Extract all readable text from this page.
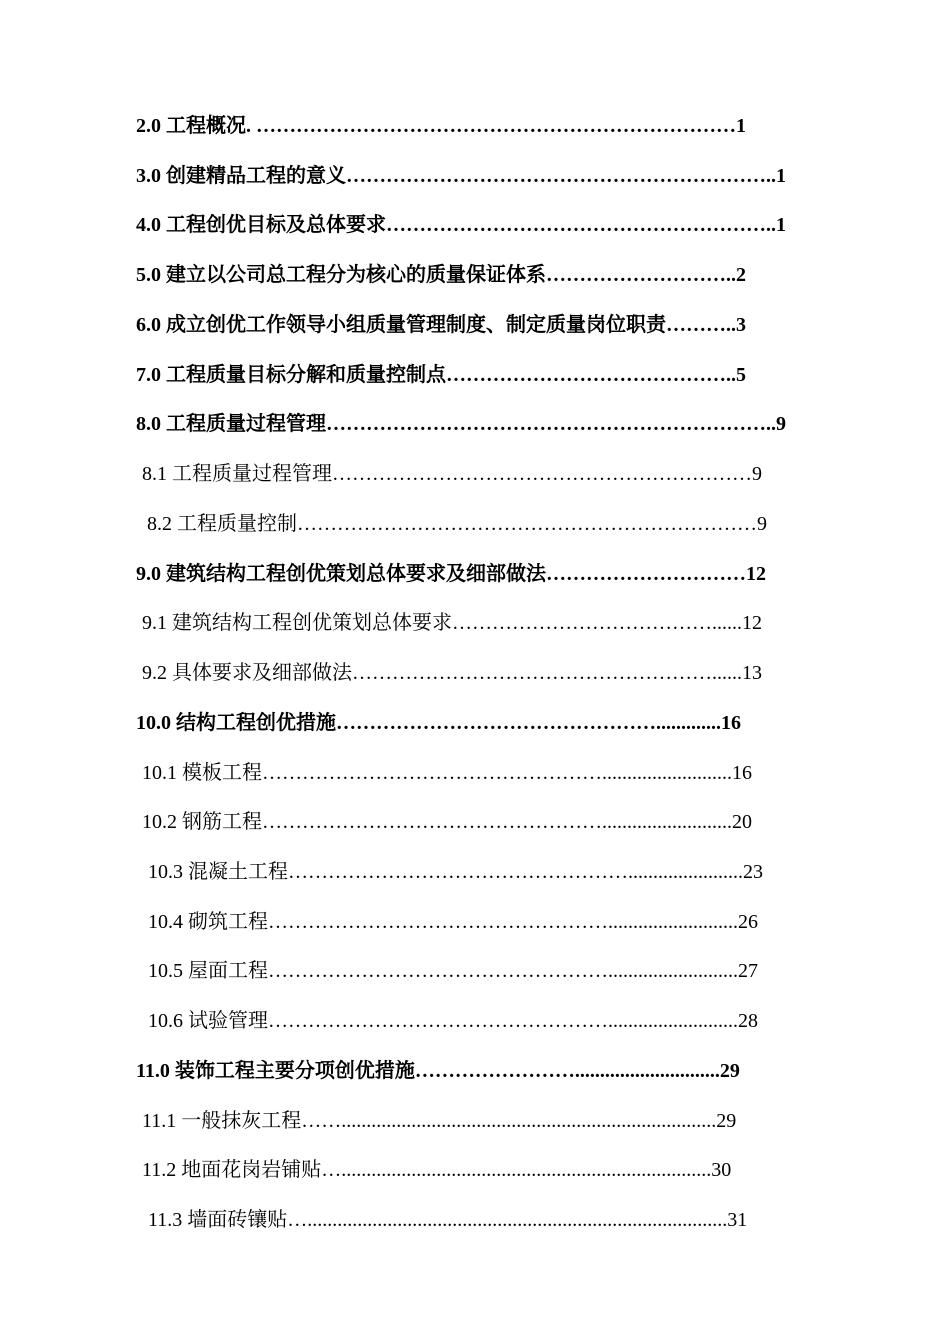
2.0 工程概况. ………………………………………………………………1
3.0 创建精品工程的意义………………………………………………………..1
4.0 工程创优目标及总体要求…………………………………………………..1
5.0 建立以公司总工程分为核心的质量保证体系………………………..2
6.0 成立创优工作领导小组质量管理制度、制定质量岗位职责………..3
7.0 工程质量目标分解和质量控制点……………………………………..5
8.0 工程质量过程管理…………………………………………………………..9
8.1 工程质量过程管理………………………………………………………9
8.2 工程质量控制……………………………………………………………9
9.0 建筑结构工程创优策划总体要求及细部做法…………………………12
9.1 建筑结构工程创优策划总体要求…………………………………......12
9.2 具体要求及细部做法………………………………………………......13
10.0 结构工程创优措施………………………………………….............16
10.1 模板工程……………………………………………..........................16
10.2 钢筋工程……………………………………………..........................20
10.3 混凝土工程…………………………………………….......................23
10.4 砌筑工程……………………………………………..........................26
10.5 屋面工程……………………………………………..........................27
10.6 试验管理……………………………………………..........................28
11.0 装饰工程主要分项创优措施…………………….............................29
11.1 一般抹灰工程……...........................................................................29
11.2 地面花岗岩铺贴…..........................................................................30
11.3 墙面砖镶贴…....................................................................................31
